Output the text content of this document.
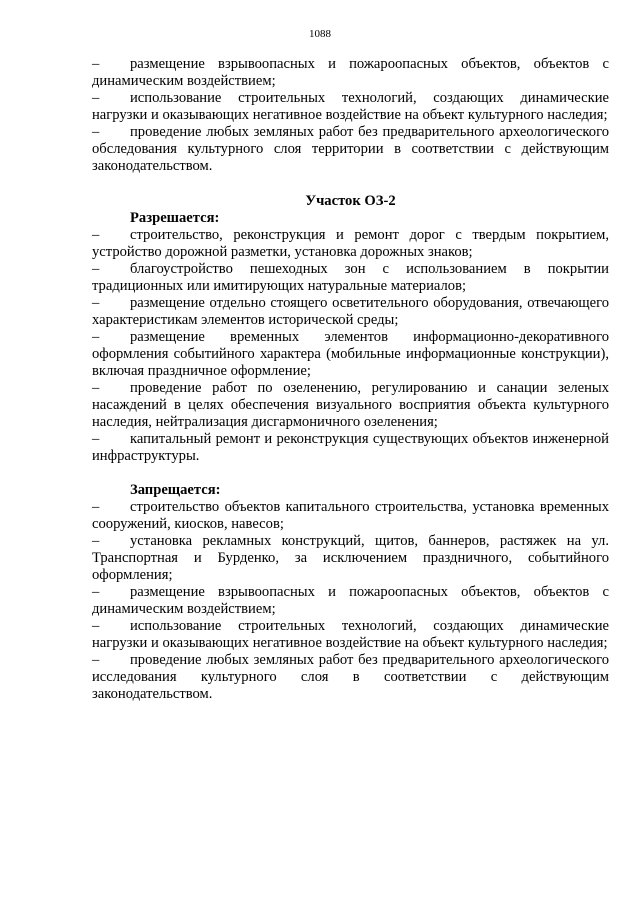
1088

–	размещение взрывоопасных и пожароопасных объектов, объектов с динамическим воздействием;

–	использование строительных технологий, создающих динамические нагрузки и оказывающих негативное воздействие на объект культурного наследия;

–	проведение любых земляных работ без предварительного археологического обследования культурного слоя территории в соответствии с действующим законодательством.

Участок ОЗ-2

Разрешается:

–	строительство, реконструкция и ремонт дорог с твердым покрытием, устройство дорожной разметки, установка дорожных знаков;

–	благоустройство пешеходных зон с использованием в покрытии традиционных или имитирующих натуральные материалов;

–	размещение отдельно стоящего осветительного оборудования, отвечающего характеристикам элементов исторической среды;

–	размещение временных элементов информационно-декоративного оформления событийного характера (мобильные информационные конструкции), включая праздничное оформление;

–	проведение работ по озеленению, регулированию и санации зеленых насаждений в целях обеспечения визуального восприятия объекта культурного наследия, нейтрализация дисгармоничного озеленения;

–	капитальный ремонт и реконструкция существующих объектов инженерной инфраструктуры.

Запрещается:

–	строительство объектов капитального строительства, установка временных сооружений, киосков, навесов;

–	установка рекламных конструкций, щитов, баннеров, растяжек на ул. Транспортная и Бурденко, за исключением праздничного, событийного оформления;

–	размещение взрывоопасных и пожароопасных объектов, объектов с динамическим воздействием;

–	использование строительных технологий, создающих динамические нагрузки и оказывающих негативное воздействие на объект культурного наследия;

–	проведение любых земляных работ без предварительного археологического исследования культурного слоя в соответствии с действующим законодательством.
